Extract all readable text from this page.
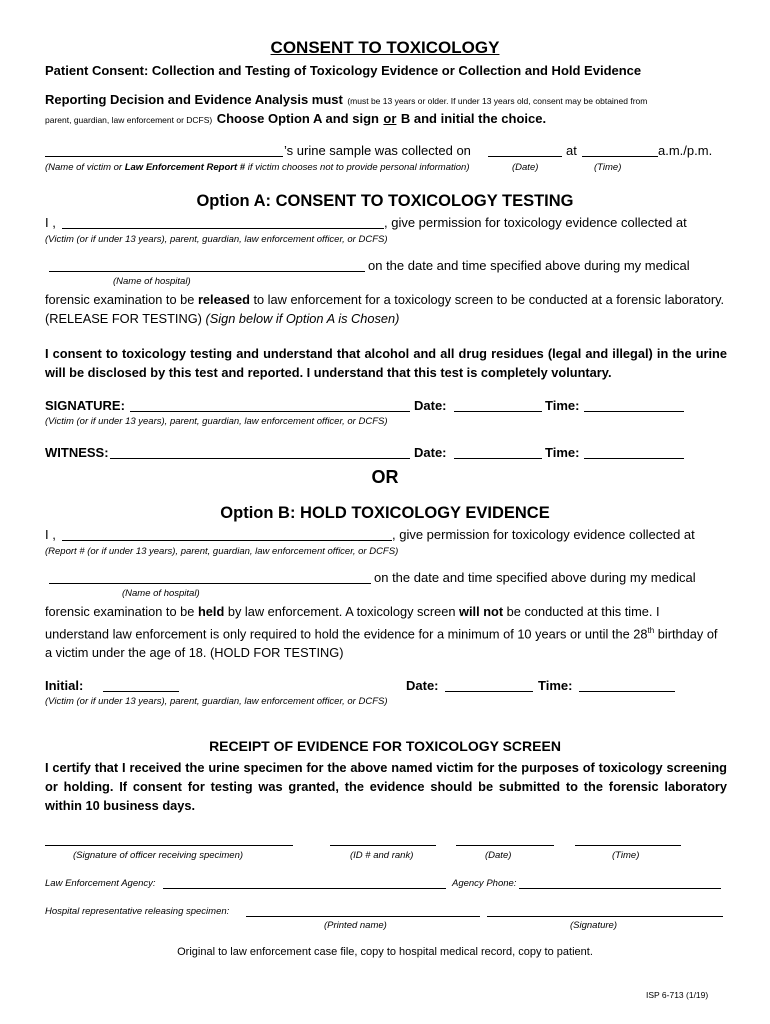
CONSENT TO TOXICOLOGY
Patient Consent: Collection and Testing of Toxicology Evidence or Collection and Hold Evidence
Reporting Decision and Evidence Analysis must (must be 13 years or older. If under 13 years old, consent may be obtained from
parent, guardian, law enforcement or DCFS) Choose Option A and sign or B and initial the choice.
’s urine sample was collected on	at	a.m./p.m.
(Name of victim or Law Enforcement Report # if victim chooses not to provide personal information)	(Date)	(Time)
Option A: CONSENT TO TOXICOLOGY TESTING
I ,	, give permission for toxicology evidence collected at
(Victim (or if under 13 years), parent, guardian, law enforcement officer, or DCFS)
on the date and time specified above during my medical
(Name of hospital)
forensic examination to be released to law enforcement for a toxicology screen to be conducted at a forensic laboratory. (RELEASE FOR TESTING) (Sign below if Option A is Chosen)
I consent to toxicology testing and understand that alcohol and all drug residues (legal and illegal) in the urine will be disclosed by this test and reported. I understand that this test is completely voluntary.
SIGNATURE:	Date:	Time:
(Victim (or if under 13 years), parent, guardian, law enforcement officer, or DCFS)
WITNESS:	Date:	Time:
OR
Option B: HOLD TOXICOLOGY EVIDENCE
I ,	, give permission for toxicology evidence collected at
(Report # (or if under 13 years), parent, guardian, law enforcement officer, or DCFS)
on the date and time specified above during my medical
(Name of hospital)
forensic examination to be held by law enforcement. A toxicology screen will not be conducted at this time. I understand law enforcement is only required to hold the evidence for a minimum of 10 years or until the 28th birthday of a victim under the age of 18. (HOLD FOR TESTING)
Initial:	Date:	Time:
(Victim (or if under 13 years), parent, guardian, law enforcement officer, or DCFS)
RECEIPT OF EVIDENCE FOR TOXICOLOGY SCREEN
I certify that I received the urine specimen for the above named victim for the purposes of toxicology screening or holding. If consent for testing was granted, the evidence should be submitted to the forensic laboratory within 10 business days.
(Signature of officer receiving specimen)	(ID # and rank)	(Date)	(Time)
Law Enforcement Agency:	Agency Phone:
Hospital representative releasing specimen:
(Printed name)	(Signature)
Original to law enforcement case file, copy to hospital medical record, copy to patient.
ISP 6-713 (1/19)
